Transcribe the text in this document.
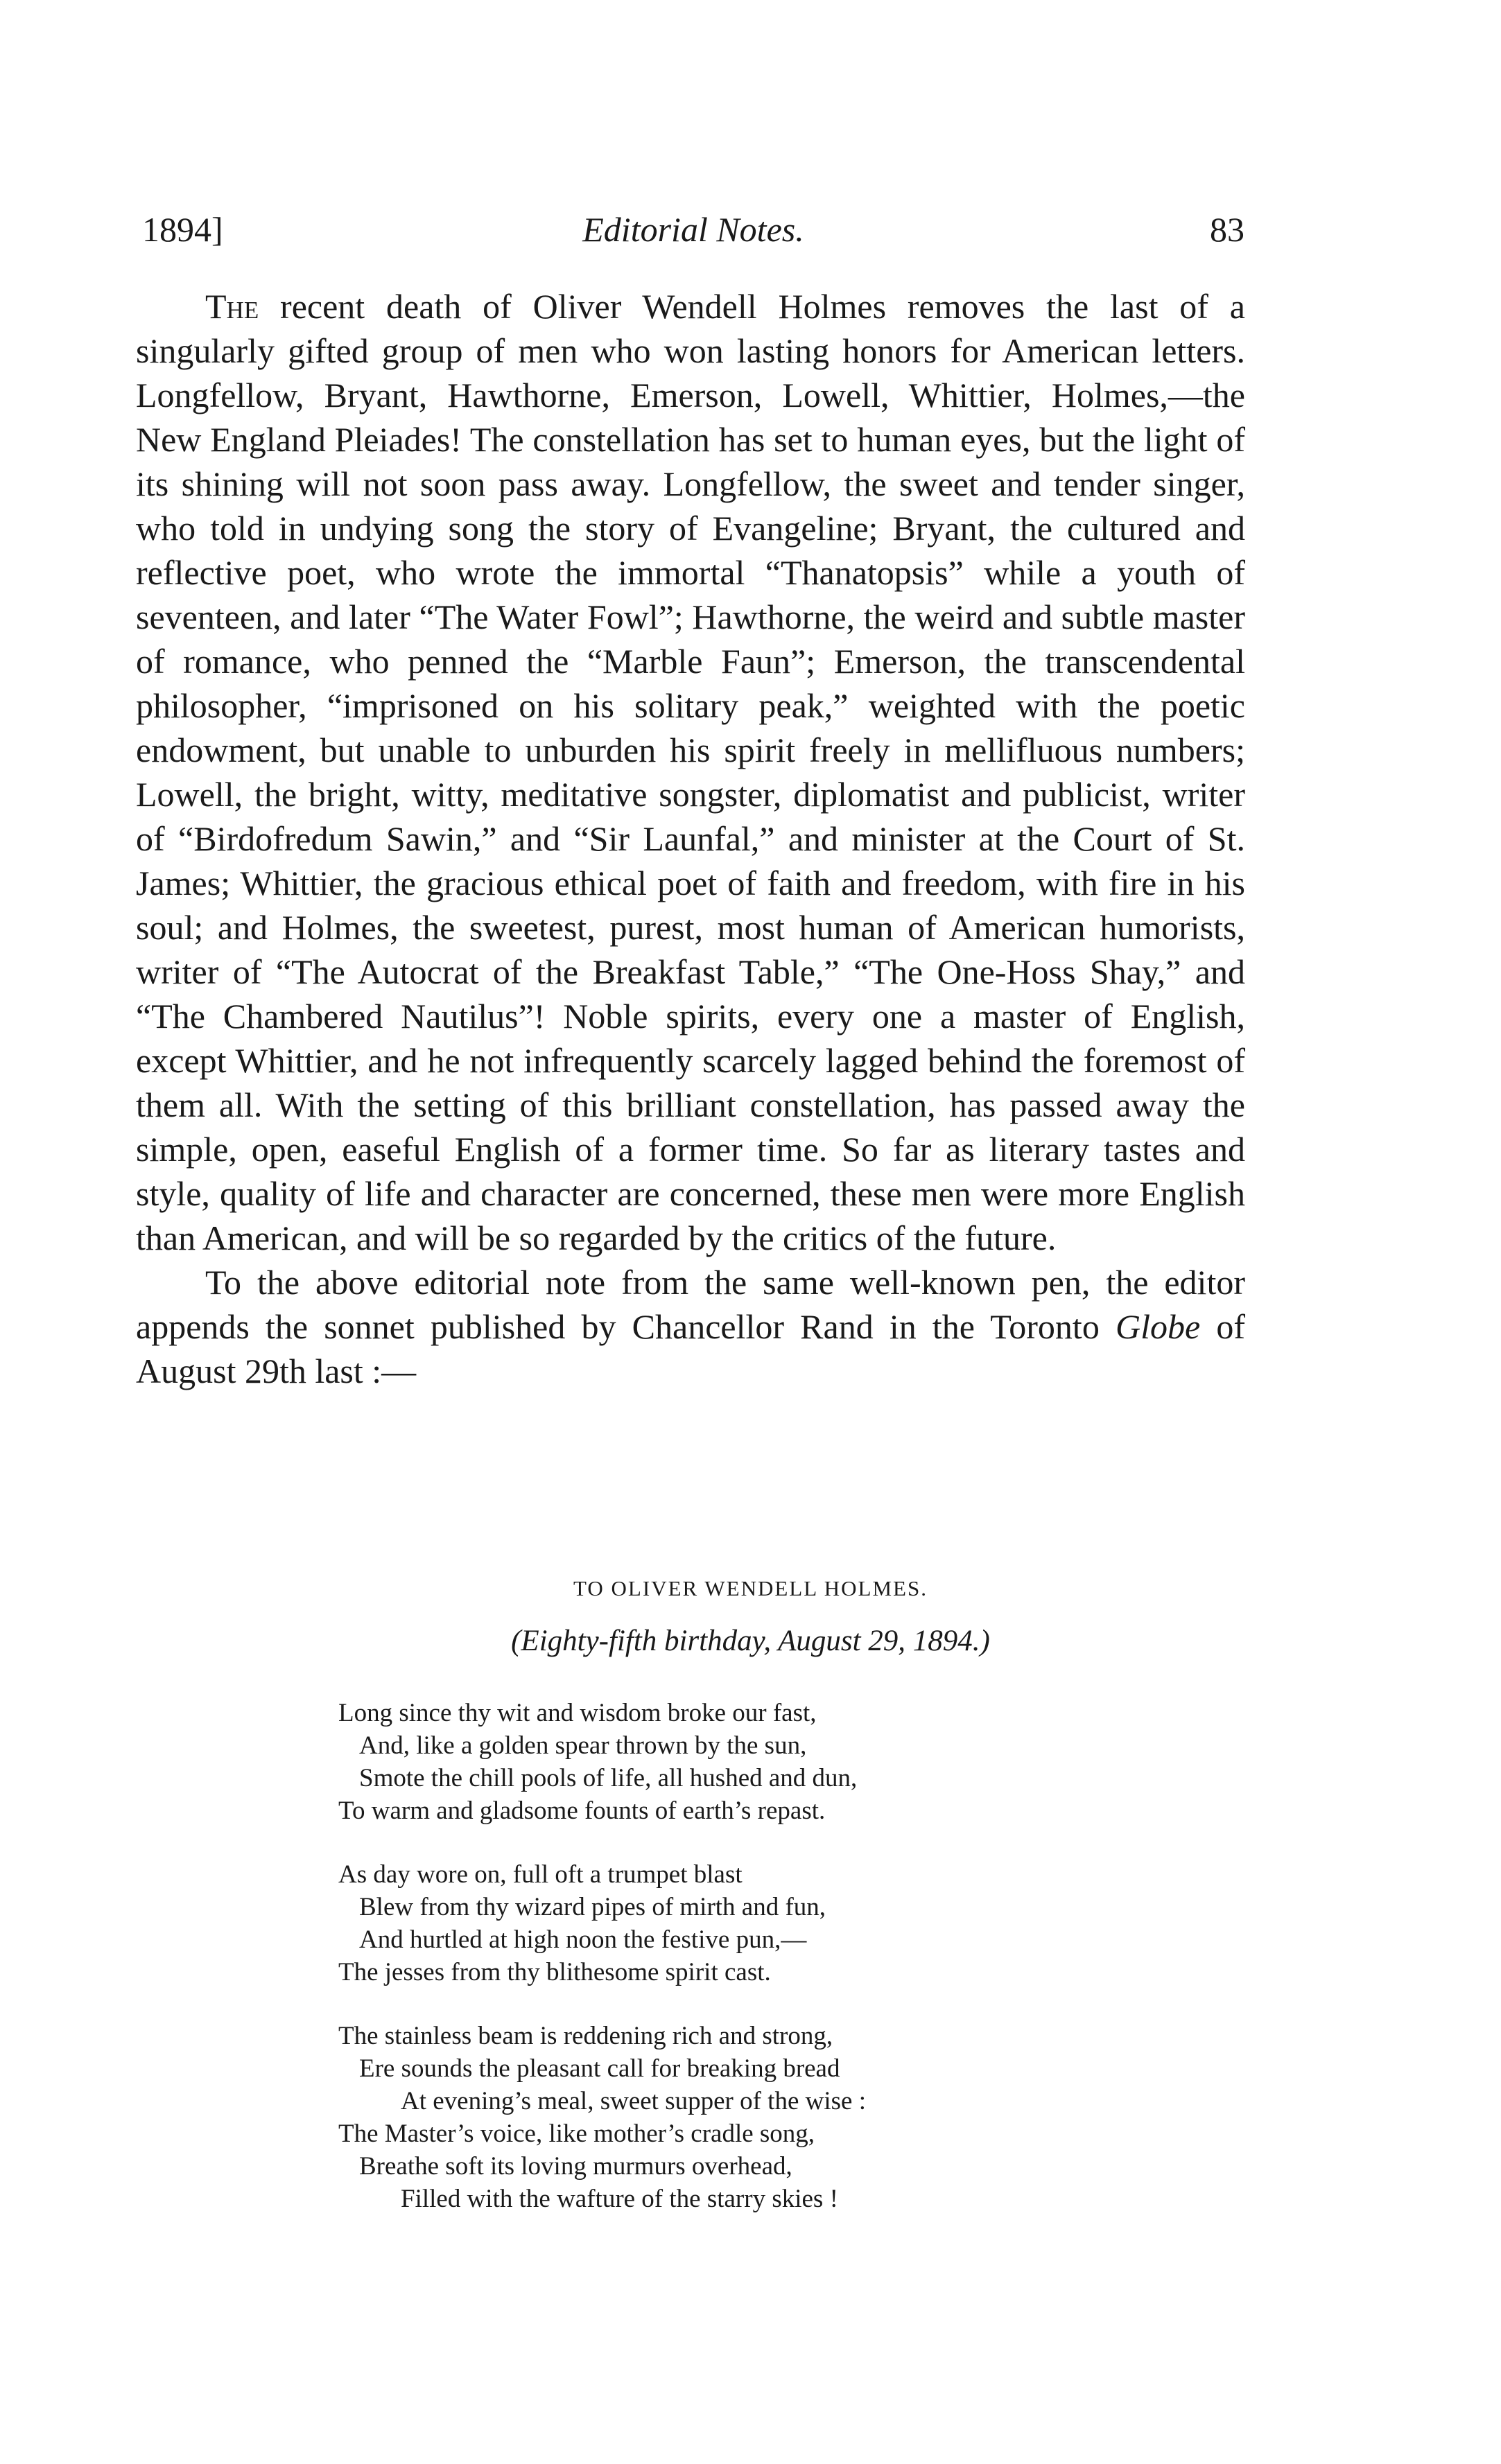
1894]	Editorial Notes.	83

The recent death of Oliver Wendell Holmes removes the last of a singularly gifted group of men who won lasting honors for American letters. Longfellow, Bryant, Hawthorne, Emerson, Lowell, Whittier, Holmes,—the New England Pleiades! The constellation has set to human eyes, but the light of its shining will not soon pass away. Longfellow, the sweet and tender singer, who told in undying song the story of Evangeline; Bryant, the cultured and reflective poet, who wrote the immortal “Thanatopsis” while a youth of seventeen, and later “The Water Fowl”; Hawthorne, the weird and subtle master of romance, who penned the “Marble Faun”; Emerson, the transcendental philosopher, “imprisoned on his solitary peak,” weighted with the poetic endowment, but unable to unburden his spirit freely in mellifluous numbers; Lowell, the bright, witty, meditative songster, diplomatist and publicist, writer of “Birdofredum Sawin,” and “Sir Launfal,” and minister at the Court of St. James; Whittier, the gracious ethical poet of faith and freedom, with fire in his soul; and Holmes, the sweetest, purest, most human of American humorists, writer of “The Autocrat of the Breakfast Table,” “The One-Hoss Shay,” and “The Chambered Nautilus”! Noble spirits, every one a master of English, except Whittier, and he not infrequently scarcely lagged behind the foremost of them all. With the setting of this brilliant constellation, has passed away the simple, open, easeful English of a former time. So far as literary tastes and style, quality of life and character are concerned, these men were more English than American, and will be so regarded by the critics of the future.

To the above editorial note from the same well-known pen, the editor appends the sonnet published by Chancellor Rand in the Toronto Globe of August 29th last :—

TO OLIVER WENDELL HOLMES.
(Eighty-fifth birthday, August 29, 1894.)
Long since thy wit and wisdom broke our fast,
And, like a golden spear thrown by the sun,
Smote the chill pools of life, all hushed and dun,
To warm and gladsome founts of earth’s repast.
As day wore on, full oft a trumpet blast
Blew from thy wizard pipes of mirth and fun,
And hurtled at high noon the festive pun,—
The jesses from thy blithesome spirit cast.
The stainless beam is reddening rich and strong,
Ere sounds the pleasant call for breaking bread
At evening’s meal, sweet supper of the wise :
The Master’s voice, like mother’s cradle song,
Breathe soft its loving murmurs overhead,
Filled with the wafture of the starry skies !
